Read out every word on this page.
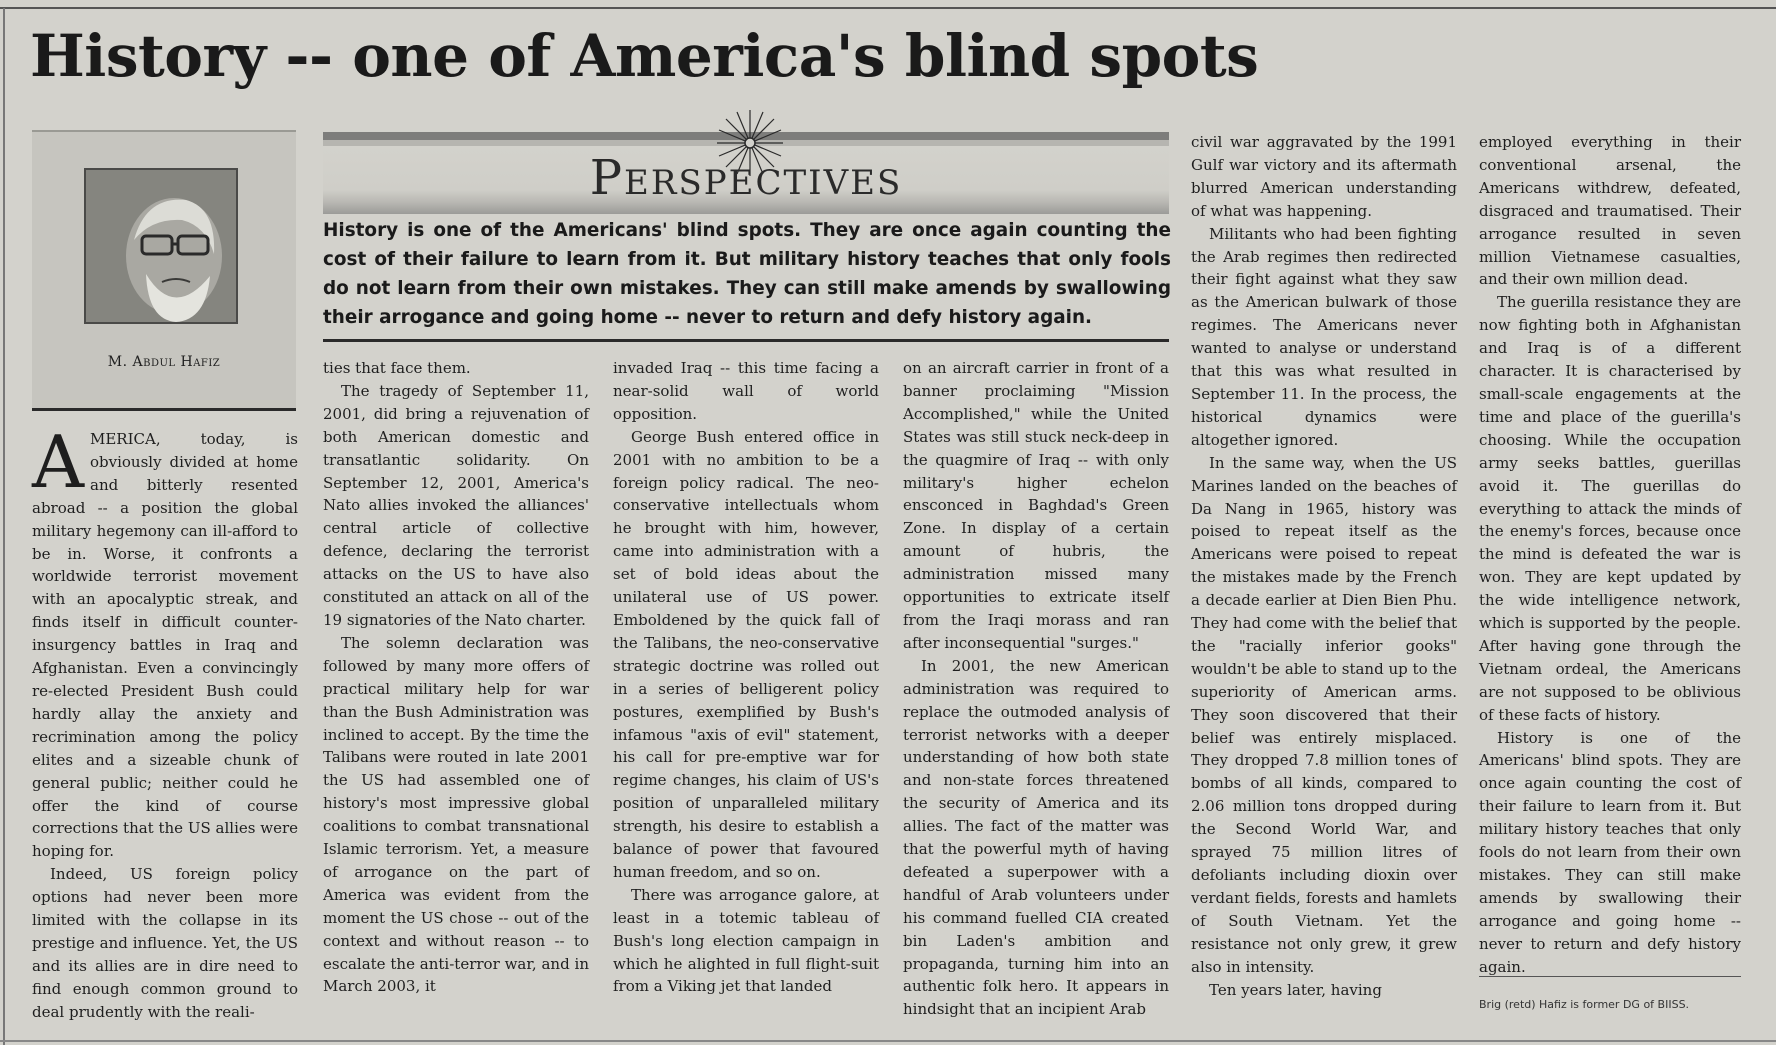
History -- one of America's blind spots
M. Abdul Hafiz
Perspectives

History is one of the Americans' blind spots. They are once again counting the cost of their failure to learn from it. But military history teaches that only fools do not learn from their own mistakes. They can still make amends by swallowing their arrogance and going home -- never to return and defy history again.

AMERICA, today, is obviously divided at home and bitterly resented abroad -- a position the global military hegemony can ill-afford to be in. Worse, it confronts a worldwide terrorist movement with an apocalyptic streak, and finds itself in difficult counter-insurgency battles in Iraq and Afghanistan. Even a convincingly re-elected President Bush could hardly allay the anxiety and recrimination among the policy elites and a sizeable chunk of general public; neither could he offer the kind of course corrections that the US allies were hoping for.

Indeed, US foreign policy options had never been more limited with the collapse in its prestige and influence. Yet, the US and its allies are in dire need to find enough common ground to deal prudently with the reali-

ties that face them.

The tragedy of September 11, 2001, did bring a rejuvenation of both American domestic and transatlantic solidarity. On September 12, 2001, America's Nato allies invoked the alliances' central article of collective defence, declaring the terrorist attacks on the US to have also constituted an attack on all of the 19 signatories of the Nato charter.

The solemn declaration was followed by many more offers of practical military help for war than the Bush Administration was inclined to accept. By the time the Talibans were routed in late 2001 the US had assembled one of history's most impressive global coalitions to combat transnational Islamic terrorism. Yet, a measure of arrogance on the part of America was evident from the moment the US chose -- out of the context and without reason -- to escalate the anti-terror war, and in March 2003, it

invaded Iraq -- this time facing a near-solid wall of world opposition.

George Bush entered office in 2001 with no ambition to be a foreign policy radical. The neo-conservative intellectuals whom he brought with him, however, came into administration with a set of bold ideas about the unilateral use of US power. Emboldened by the quick fall of the Talibans, the neo-conservative strategic doctrine was rolled out in a series of belligerent policy postures, exemplified by Bush's infamous "axis of evil" statement, his call for pre-emptive war for regime changes, his claim of US's position of unparalleled military strength, his desire to establish a balance of power that favoured human freedom, and so on.

There was arrogance galore, at least in a totemic tableau of Bush's long election campaign in which he alighted in full flight-suit from a Viking jet that landed

on an aircraft carrier in front of a banner proclaiming "Mission Accomplished," while the United States was still stuck neck-deep in the quagmire of Iraq -- with only military's higher echelon ensconced in Baghdad's Green Zone. In display of a certain amount of hubris, the administration missed many opportunities to extricate itself from the Iraqi morass and ran after inconsequential "surges."

In 2001, the new American administration was required to replace the outmoded analysis of terrorist networks with a deeper understanding of how both state and non-state forces threatened the security of America and its allies. The fact of the matter was that the powerful myth of having defeated a superpower with a handful of Arab volunteers under his command fuelled CIA created bin Laden's ambition and propaganda, turning him into an authentic folk hero. It appears in hindsight that an incipient Arab

civil war aggravated by the 1991 Gulf war victory and its aftermath blurred American understanding of what was happening.

Militants who had been fighting the Arab regimes then redirected their fight against what they saw as the American bulwark of those regimes. The Americans never wanted to analyse or understand that this was what resulted in September 11. In the process, the historical dynamics were altogether ignored.

In the same way, when the US Marines landed on the beaches of Da Nang in 1965, history was poised to repeat itself as the Americans were poised to repeat the mistakes made by the French a decade earlier at Dien Bien Phu. They had come with the belief that the "racially inferior gooks" wouldn't be able to stand up to the superiority of American arms. They soon discovered that their belief was entirely misplaced. They dropped 7.8 million tones of bombs of all kinds, compared to 2.06 million tons dropped during the Second World War, and sprayed 75 million litres of defoliants including dioxin over verdant fields, forests and hamlets of South Vietnam. Yet the resistance not only grew, it grew also in intensity.

Ten years later, having

employed everything in their conventional arsenal, the Americans withdrew, defeated, disgraced and traumatised. Their arrogance resulted in seven million Vietnamese casualties, and their own million dead.

The guerilla resistance they are now fighting both in Afghanistan and Iraq is of a different character. It is characterised by small-scale engagements at the time and place of the guerilla's choosing. While the occupation army seeks battles, guerillas avoid it. The guerillas do everything to attack the minds of the enemy's forces, because once the mind is defeated the war is won. They are kept updated by the wide intelligence network, which is supported by the people. After having gone through the Vietnam ordeal, the Americans are not supposed to be oblivious of these facts of history.

History is one of the Americans' blind spots. They are once again counting the cost of their failure to learn from it. But military history teaches that only fools do not learn from their own mistakes. They can still make amends by swallowing their arrogance and going home -- never to return and defy history again.

Brig (retd) Hafiz is former DG of BIISS.
